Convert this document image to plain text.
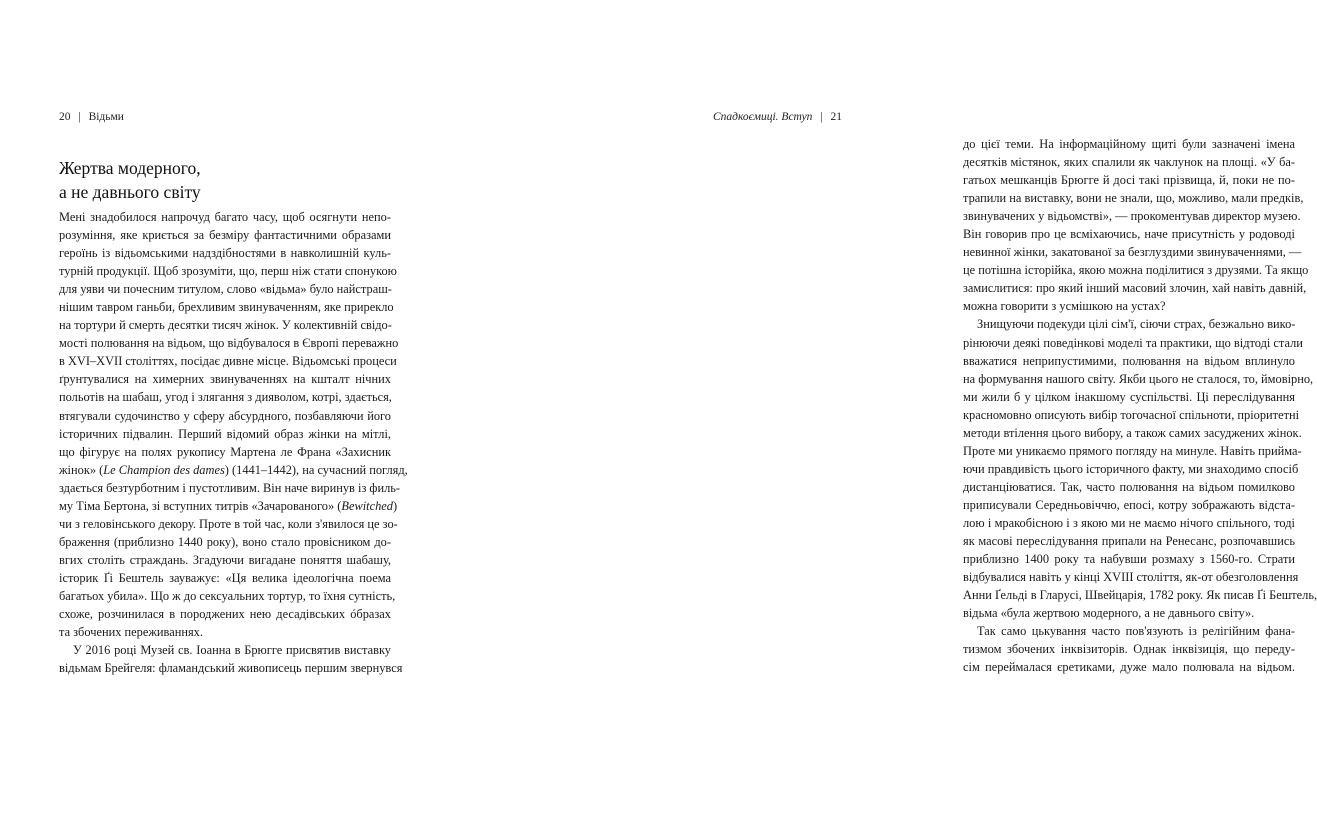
20 | Відьми
Жертва модерного,
а не давнього світу
Мені знадобилося напрочуд багато часу, щоб осягнути непо-
розуміння, яке криється за безміру фантастичними образами
героїнь із відьомськими надздібностями в навколишній куль-
турній продукції. Щоб зрозуміти, що, перш ніж стати спонукою
для уяви чи почесним титулом, слово «відьма» було найстраш-
нішим тавром ганьби, брехливим звинуваченням, яке прирекло
на тортури й смерть десятки тисяч жінок. У колективній свідо-
мості полювання на відьом, що відбувалося в Європі переважно
в XVI–XVII століттях, посідає дивне місце. Відьомські процеси
ґрунтувалися на химерних звинуваченнях на кшталт нічних
польотів на шабаш, угод і злягання з дияволом, котрі, здається,
втягували судочинство у сферу абсурдного, позбавляючи його
історичних підвалин. Перший відомий образ жінки на мітлі,
що фігурує на полях рукопису Мартена ле Франа «Захисник
жінок» (Le Champion des dames) (1441–1442), на сучасний погляд,
здається безтурботним і пустотливим. Він наче виринув із филь-
му Тіма Бертона, зі вступних титрів «Зачарованого» (Bewitched)
чи з геловінського декору. Проте в той час, коли з'явилося це зо-
браження (приблизно 1440 року), воно стало провісником до-
вгих століть страждань. Згадуючи вигадане поняття шабашу,
історик Ґі Бештель зауважує: «Ця велика ідеологічна поема
багатьох убила». Що ж до сексуальних тортур, то їхня сутність,
схоже, розчинилася в породжених нею десадівських óбразах
та збочених переживаннях.
У 2016 році Музей св. Іоанна в Брюгге присвятив виставку
відьмам Брейгеля: фламандський живописець першим звернувся
Спадкоємиці. Вступ | 21
до цієї теми. На інформаційному щиті були зазначені імена
десятків містянок, яких спалили як чаклунок на площі. «У ба-
гатьох мешканців Брюгге й досі такі прізвища, й, поки не по-
трапили на виставку, вони не знали, що, можливо, мали предків,
звинувачених у відьомстві», — прокоментував директор музею.
Він говорив про це всміхаючись, наче присутність у родоводі
невинної жінки, закатованої за безглуздими звинуваченнями, —
це потішна історійка, якою можна поділитися з друзями. Та якщо
замислитися: про який інший масовий злочин, хай навіть давній,
можна говорити з усмішкою на устах?
Знищуючи подекуди цілі сім'ї, сіючи страх, безжально вико-
рінюючи деякі поведінкові моделі та практики, що відтоді стали
вважатися неприпустимими, полювання на відьом вплинуло
на формування нашого світу. Якби цього не сталося, то, ймовірно,
ми жили б у цілком інакшому суспільстві. Ці переслідування
красномовно описують вибір тогочасної спільноти, пріоритетні
методи втілення цього вибору, а також самих засуджених жінок.
Проте ми уникаємо прямого погляду на минуле. Навіть прийма-
ючи правдивість цього історичного факту, ми знаходимо спосіб
дистанціюватися. Так, часто полювання на відьом помилково
приписували Середньовіччю, епосі, котру зображають відста-
лою і мракобісною і з якою ми не маємо нічого спільного, тоді
як масові переслідування припали на Ренесанс, розпочавшись
приблизно 1400 року та набувши розмаху з 1560-го. Страти
відбувалися навіть у кінці XVIII століття, як-от обезголовлення
Анни Ґельді в Гларусі, Швейцарія, 1782 року. Як писав Ґі Бештель,
відьма «була жертвою модерного, а не давнього світу».
Так само цькування часто пов'язують із релігійним фана-
тизмом збочених інквізиторів. Однак інквізиція, що переду-
сім переймалася єретиками, дуже мало полювала на відьом.
